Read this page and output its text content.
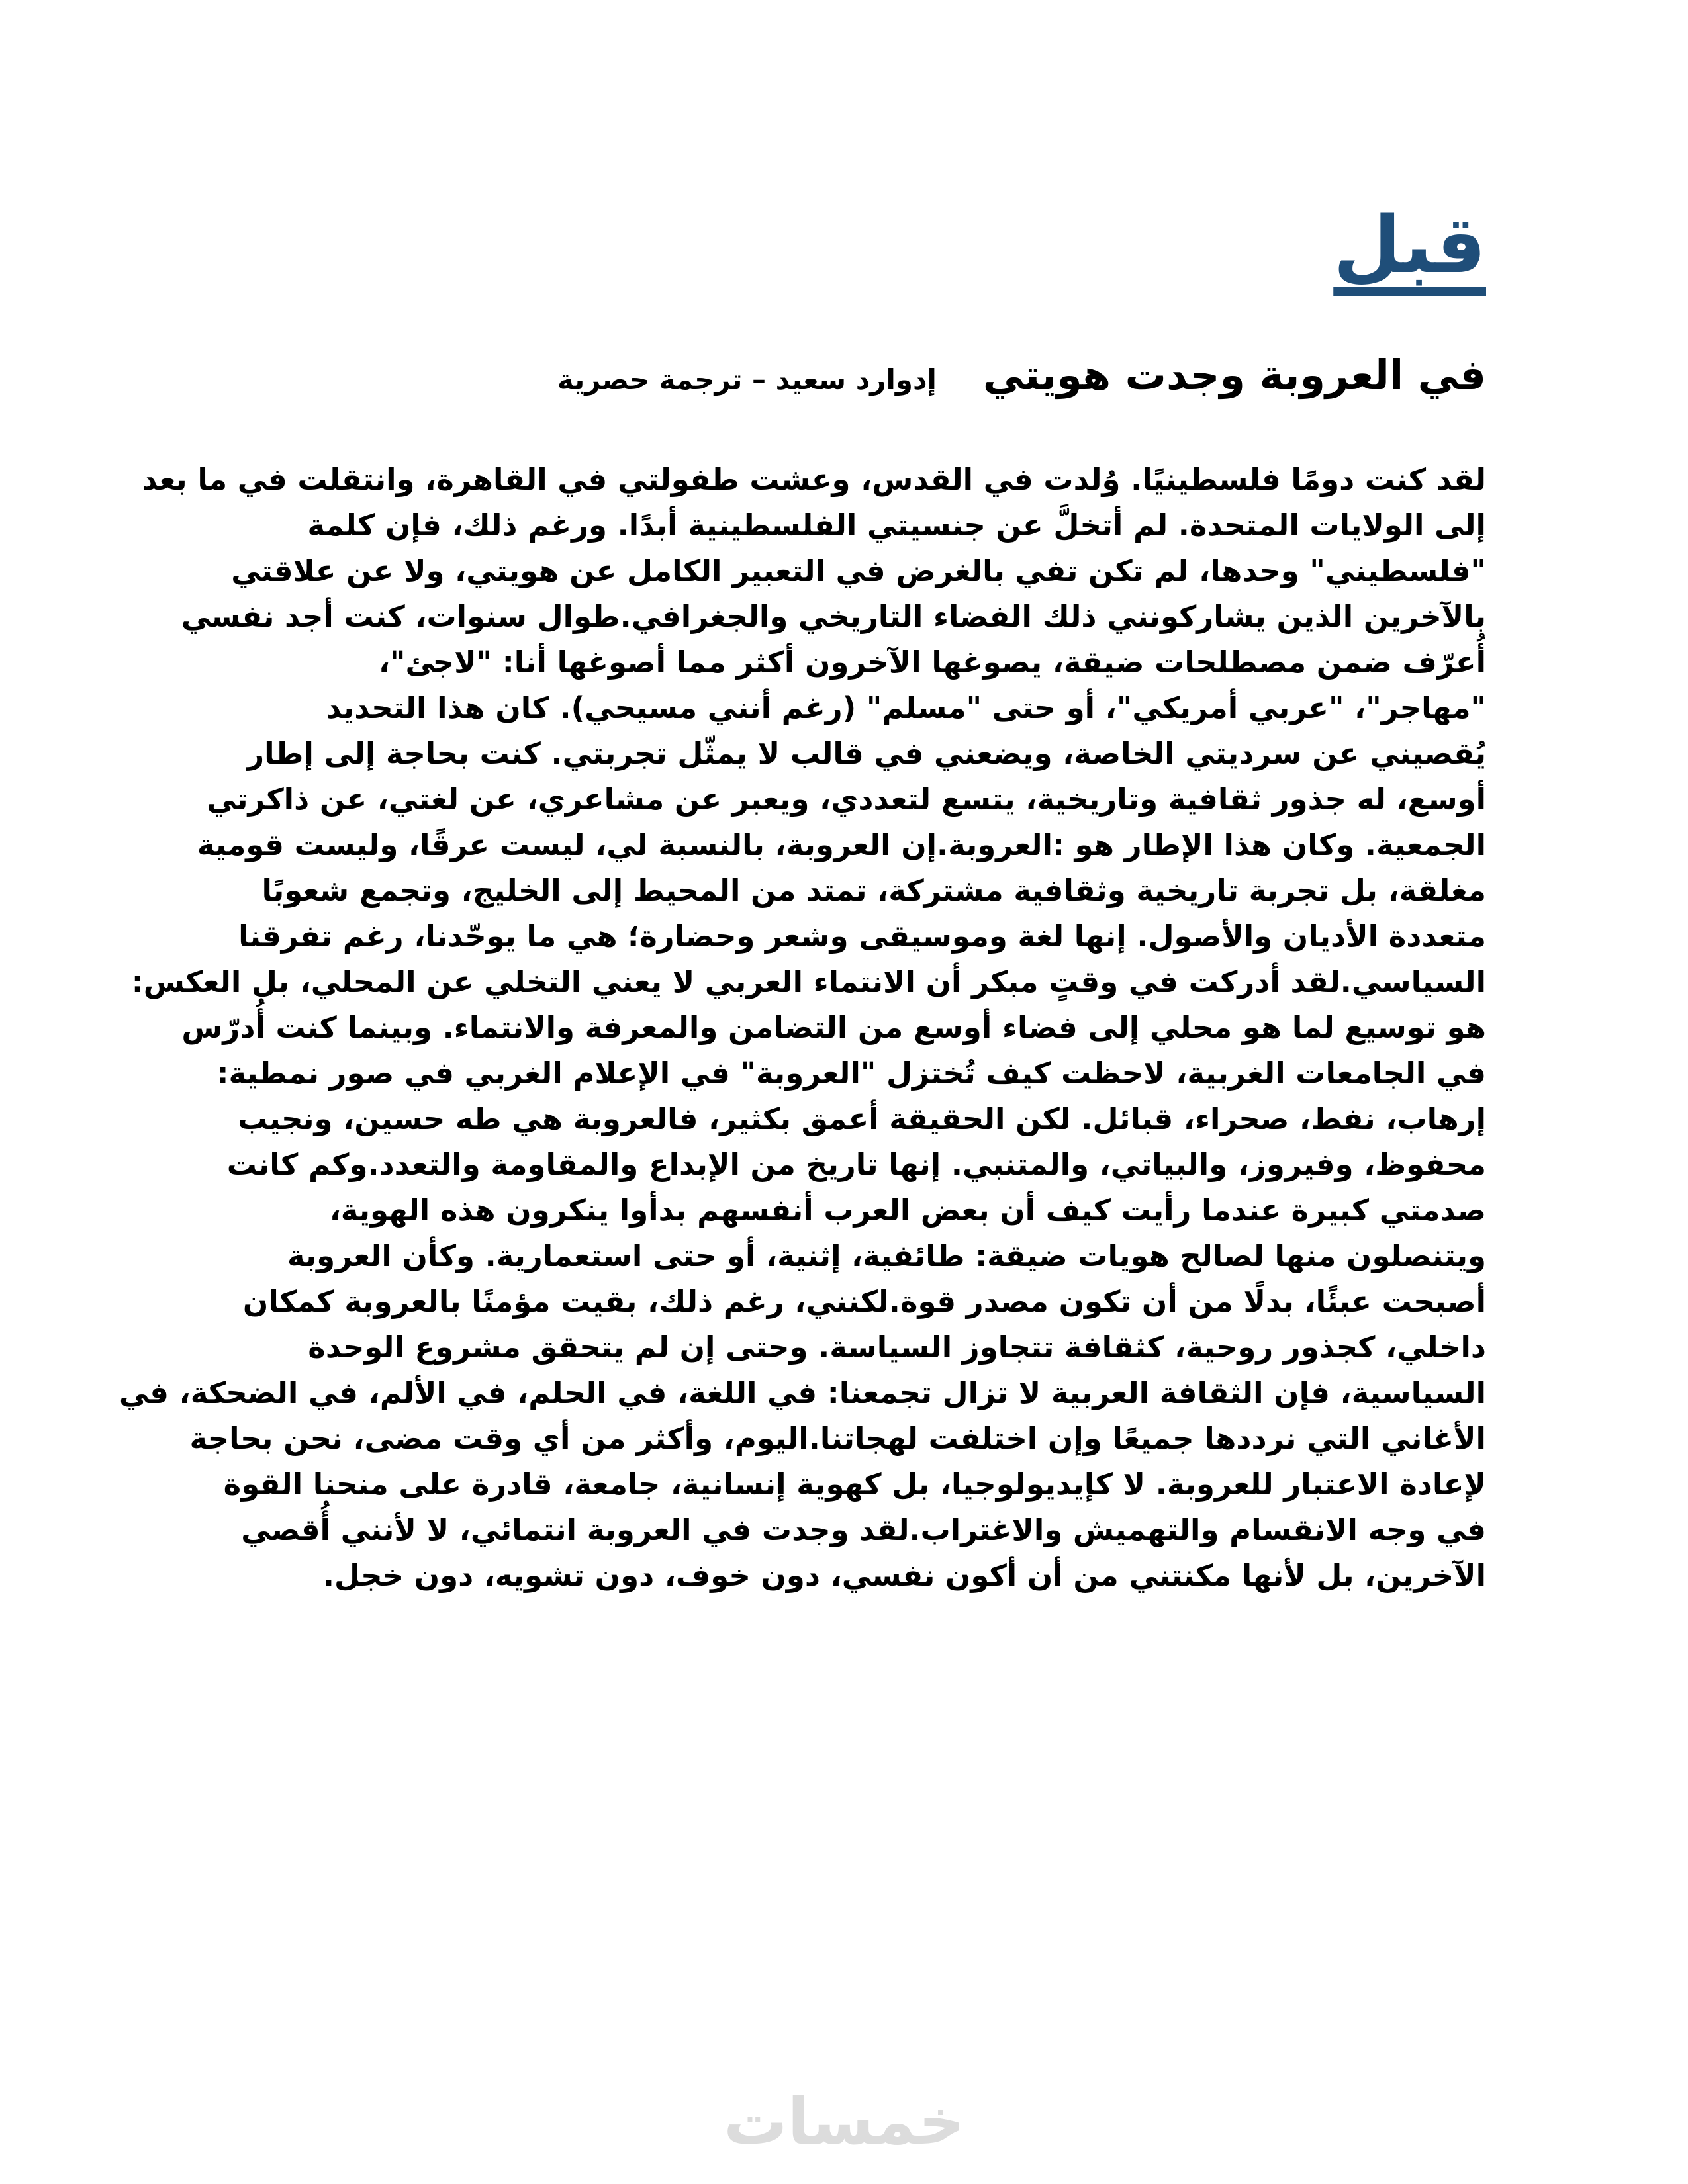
قبل
في العروبة وجدت هويتي
إدوارد سعيد – ترجمة حصرية
لقد كنت دومًا فلسطينيًا. وُلدت في القدس، وعشت طفولتي في القاهرة، وانتقلت في ما بعد
إلى الولايات المتحدة. لم أتخلَّ عن جنسيتي الفلسطينية أبدًا. ورغم ذلك، فإن كلمة
"فلسطيني" وحدها، لم تكن تفي بالغرض في التعبير الكامل عن هويتي، ولا عن علاقتي
بالآخرين الذين يشاركونني ذلك الفضاء التاريخي والجغرافي.طوال سنوات، كنت أجد نفسي
أُعرّف ضمن مصطلحات ضيقة، يصوغها الآخرون أكثر مما أصوغها أنا: "لاجئ"،
"مهاجر"، "عربي أمريكي"، أو حتى "مسلم" (رغم أنني مسيحي). كان هذا التحديد
يُقصيني عن سرديتي الخاصة، ويضعني في قالب لا يمثّل تجربتي. كنت بحاجة إلى إطار
أوسع، له جذور ثقافية وتاريخية، يتسع لتعددي، ويعبر عن مشاعري، عن لغتي، عن ذاكرتي
الجمعية. وكان هذا الإطار هو :العروبة.إن العروبة، بالنسبة لي، ليست عرقًا، وليست قومية
مغلقة، بل تجربة تاريخية وثقافية مشتركة، تمتد من المحيط إلى الخليج، وتجمع شعوبًا
متعددة الأديان والأصول. إنها لغة وموسيقى وشعر وحضارة؛ هي ما يوحّدنا، رغم تفرقنا
السياسي.لقد أدركت في وقتٍ مبكر أن الانتماء العربي لا يعني التخلي عن المحلي، بل العكس:
هو توسيع لما هو محلي إلى فضاء أوسع من التضامن والمعرفة والانتماء. وبينما كنت أُدرّس
في الجامعات الغربية، لاحظت كيف تُختزل "العروبة" في الإعلام الغربي في صور نمطية:
إرهاب، نفط، صحراء، قبائل. لكن الحقيقة أعمق بكثير، فالعروبة هي طه حسين، ونجيب
محفوظ، وفيروز، والبياتي، والمتنبي. إنها تاريخ من الإبداع والمقاومة والتعدد.وكم كانت
صدمتي كبيرة عندما رأيت كيف أن بعض العرب أنفسهم بدأوا ينكرون هذه الهوية،
ويتنصلون منها لصالح هويات ضيقة: طائفية، إثنية، أو حتى استعمارية. وكأن العروبة
أصبحت عبئًا، بدلًا من أن تكون مصدر قوة.لكنني، رغم ذلك، بقيت مؤمنًا بالعروبة كمكان
داخلي، كجذور روحية، كثقافة تتجاوز السياسة. وحتى إن لم يتحقق مشروع الوحدة
السياسية، فإن الثقافة العربية لا تزال تجمعنا: في اللغة، في الحلم، في الألم، في الضحكة، في
الأغاني التي نرددها جميعًا وإن اختلفت لهجاتنا.اليوم، وأكثر من أي وقت مضى، نحن بحاجة
لإعادة الاعتبار للعروبة. لا كإيديولوجيا، بل كهوية إنسانية، جامعة، قادرة على منحنا القوة
في وجه الانقسام والتهميش والاغتراب.لقد وجدت في العروبة انتمائي، لا لأنني أُقصي
الآخرين، بل لأنها مكنتني من أن أكون نفسي، دون خوف، دون تشويه، دون خجل.
خمسات
